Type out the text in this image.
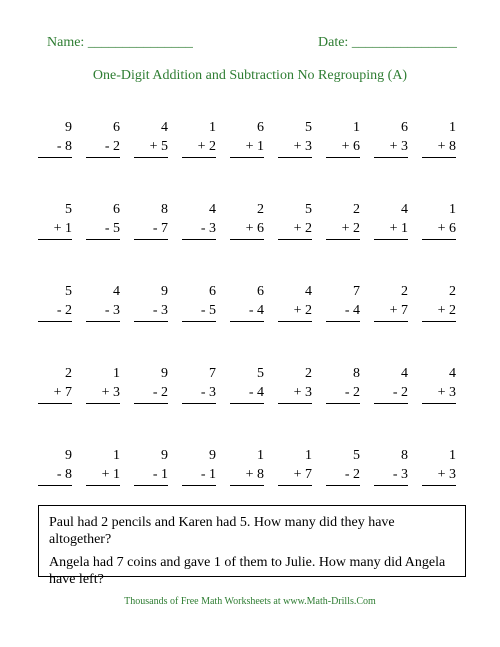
Name: _______________	Date: _______________
One-Digit Addition and Subtraction No Regrouping (A)
9
- 8
6
- 2
4
+ 5
1
+ 2
6
+ 1
5
+ 3
1
+ 6
6
+ 3
1
+ 8
5
+ 1
6
- 5
8
- 7
4
- 3
2
+ 6
5
+ 2
2
+ 2
4
+ 1
1
+ 6
5
- 2
4
- 3
9
- 3
6
- 5
6
- 4
4
+ 2
7
- 4
2
+ 7
2
+ 2
2
+ 7
1
+ 3
9
- 2
7
- 3
5
- 4
2
+ 3
8
- 2
4
- 2
4
+ 3
9
- 8
1
+ 1
9
- 1
9
- 1
1
+ 8
1
+ 7
5
- 2
8
- 3
1
+ 3

Paul had 2 pencils and Karen had 5. How many did they have altogether?

Angela had 7 coins and gave 1 of them to Julie. How many did Angela have left?

Thousands of Free Math Worksheets at www.Math-Drills.Com
